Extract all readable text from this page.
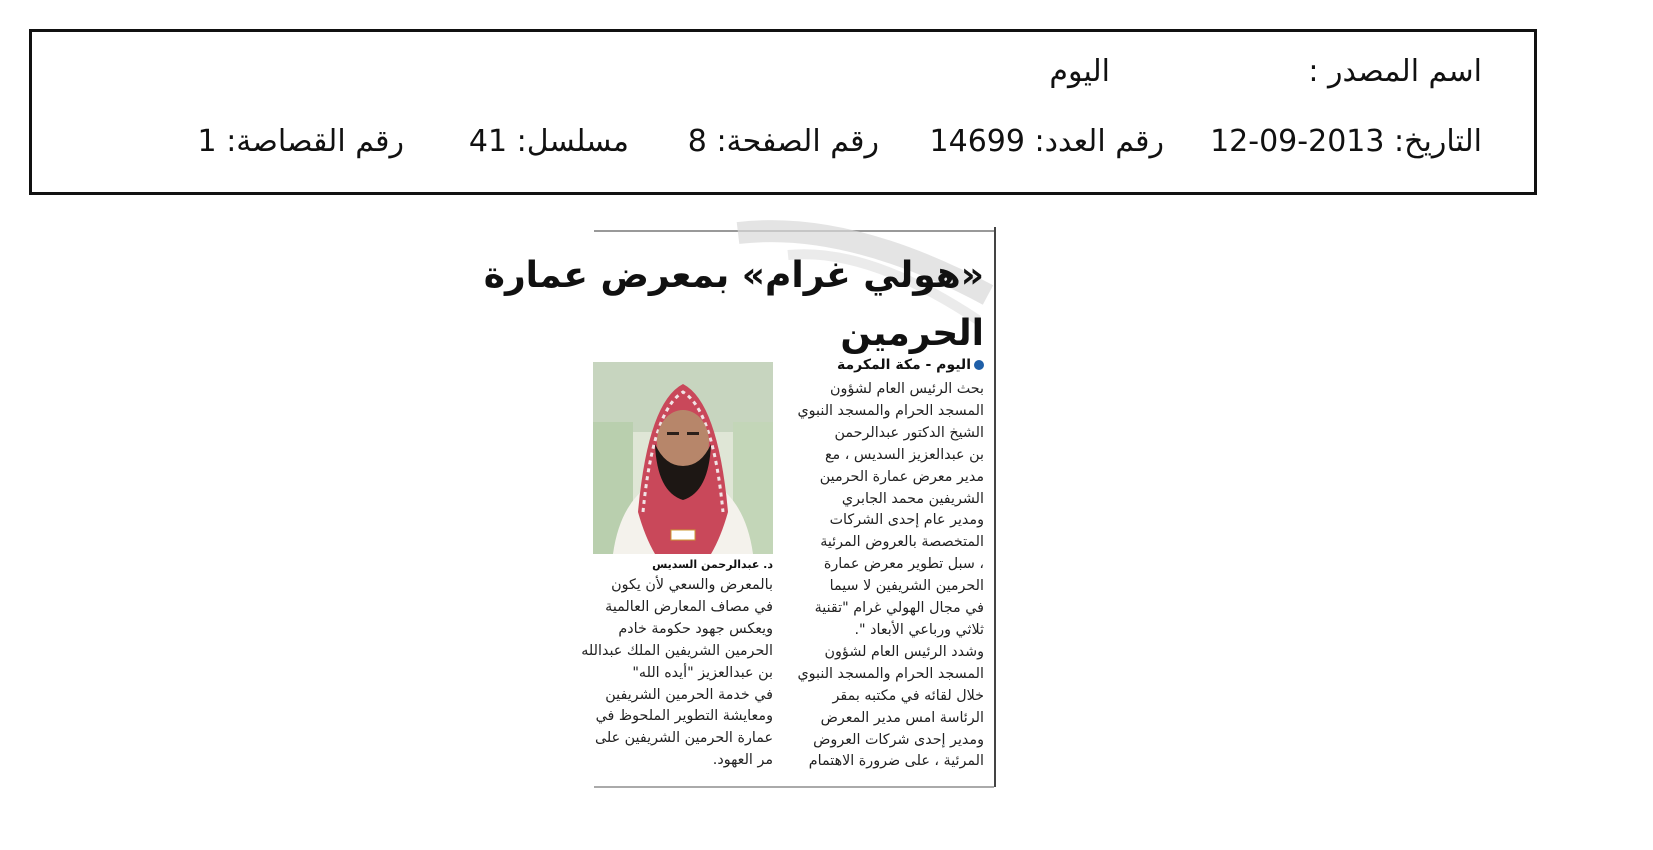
اسم المصدر :
اليوم
التاريخ: 2013-09-12
رقم العدد: 14699
رقم الصفحة: 8
مسلسل: 41
رقم القصاصة: 1
«هولي غرام» بمعرض عمارة
الحرمين
اليوم - مكة المكرمة
بحث الرئيس العام لشؤون
المسجد الحرام والمسجد النبوي
الشيخ الدكتور عبدالرحمن
بن عبدالعزيز السديس ، مع
مدير معرض عمارة الحرمين
الشريفين محمد الجابري
ومدير عام إحدى الشركات
المتخصصة بالعروض المرئية
، سبل تطوير معرض عمارة
الحرمين الشريفين لا سيما
في مجال الهولي غرام "تقنية
ثلاثي ورباعي الأبعاد ".
وشدد الرئيس العام لشؤون
المسجد الحرام والمسجد النبوي
خلال لقائه في مكتبه بمقر
الرئاسة امس مدير المعرض
ومدير إحدى شركات العروض
المرئية ، على ضرورة الاهتمام
د. عبدالرحمن السديس
بالمعرض والسعي لأن يكون
في مصاف المعارض العالمية
ويعكس جهود حكومة خادم
الحرمين الشريفين الملك عبدالله
بن عبدالعزيز "أيده الله"
في خدمة الحرمين الشريفين
ومعايشة التطوير الملحوظ في
عمارة الحرمين الشريفين على
مر العهود.
